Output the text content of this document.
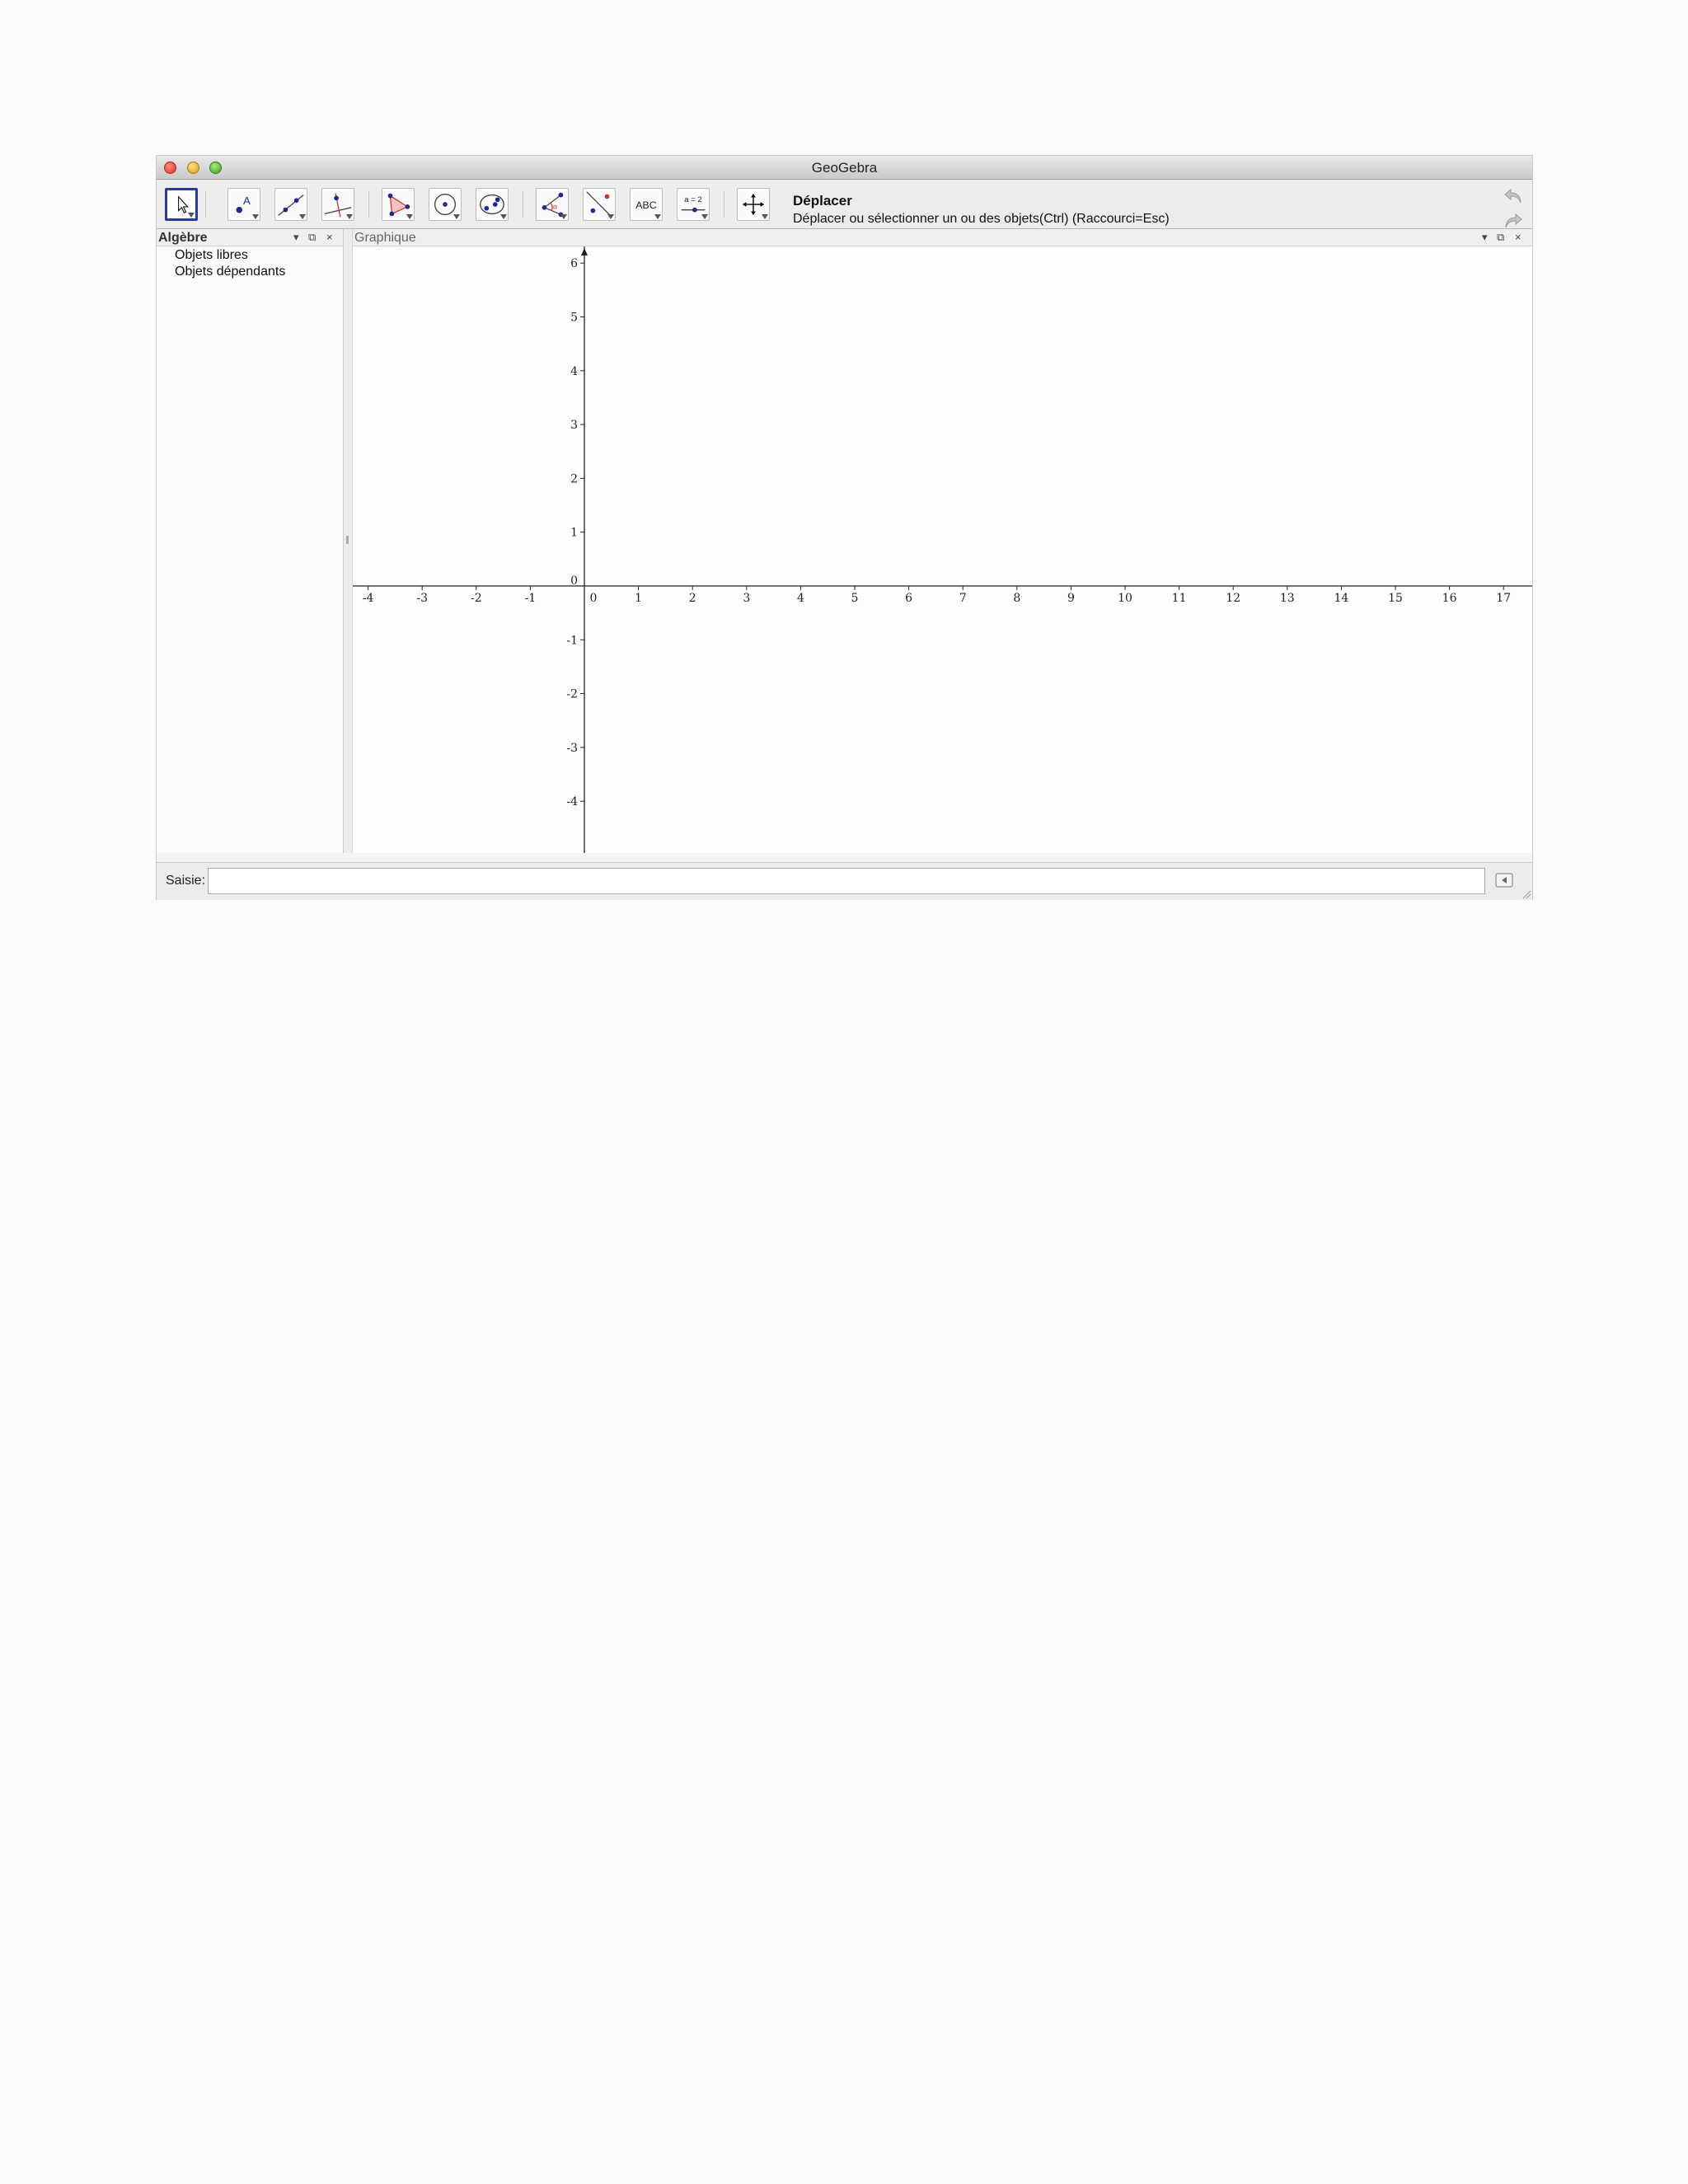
GeoGebra
A	α	ABC	a = 2	Déplacer
Déplacer ou sélectionner un ou des objets(Ctrl) (Raccourci=Esc)
Algèbre	▾ ⧉ ×
Objets libres
Objets dépendants
Graphique	▾ ⧉ ×
-4	-3	-2	-1	0	1	2	3	4	5	6	7	8	9	10	11	12	13	14	15	16	17
6
5
4
3
2
1
0
-1
-2
-3
-4
Saisie:
